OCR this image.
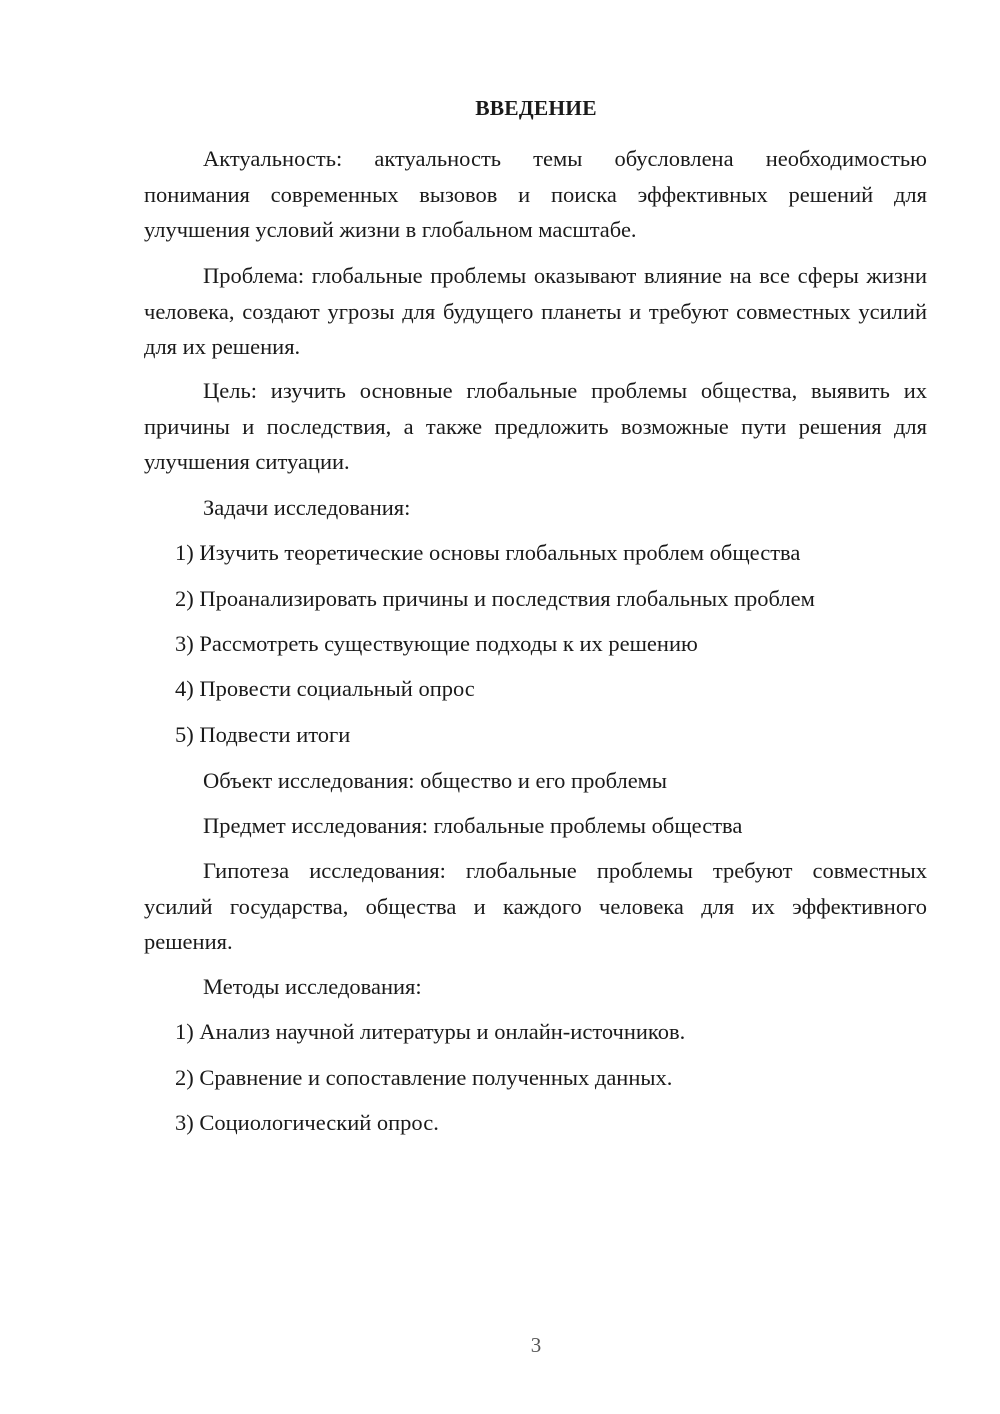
ВВЕДЕНИЕ

Актуальность: актуальность темы обусловлена необходимостью понимания современных вызовов и поиска эффективных решений для улучшения условий жизни в глобальном масштабе.

Проблема: глобальные проблемы оказывают влияние на все сферы жизни человека, создают угрозы для будущего планеты и требуют совместных усилий для их решения.

Цель: изучить основные глобальные проблемы общества, выявить их причины и последствия, а также предложить возможные пути решения для улучшения ситуации.

Задачи исследования:

1) Изучить теоретические основы глобальных проблем общества

2) Проанализировать причины и последствия глобальных проблем

3) Рассмотреть существующие подходы к их решению

4) Провести социальный опрос

5) Подвести итоги

Объект исследования: общество и его проблемы

Предмет исследования: глобальные проблемы общества

Гипотеза исследования: глобальные проблемы требуют совместных усилий государства, общества и каждого человека для их эффективного решения.

Методы исследования:

1) Анализ научной литературы и онлайн-источников.

2) Сравнение и сопоставление полученных данных.

3) Социологический опрос.

3
